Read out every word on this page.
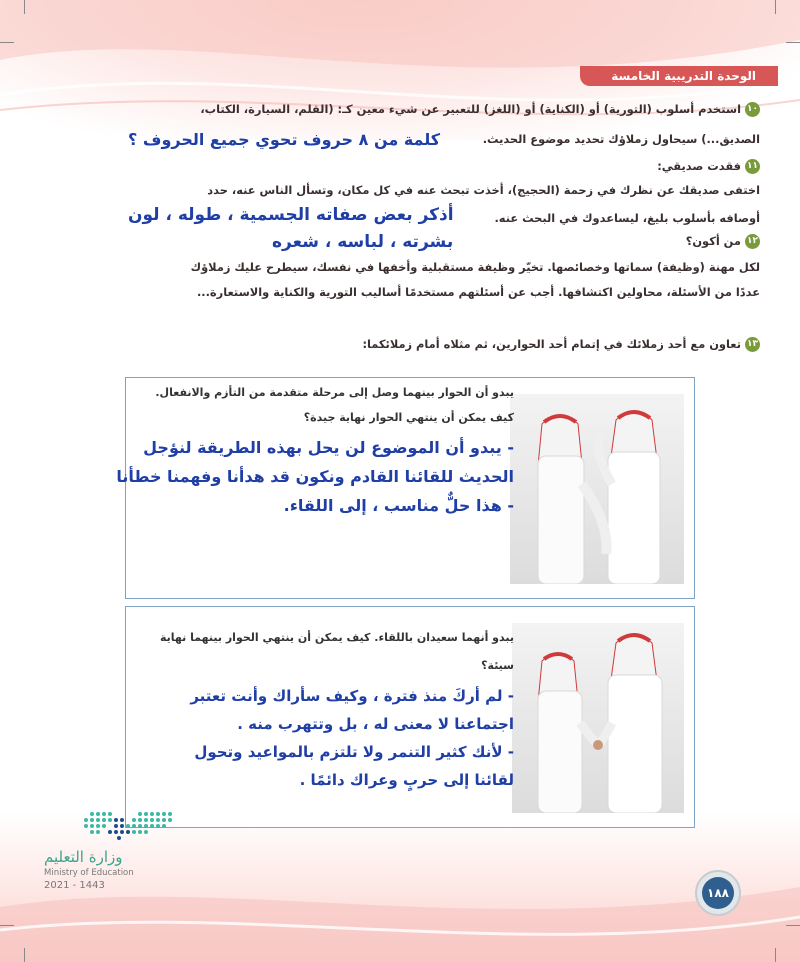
الوحدة التدريبية الخامسة
١٠استخدم أسلوب (التورية) أو (الكناية) أو (اللغز) للتعبير عن شيء معين كـ: (القلم، السيارة، الكتاب،
الصديق...) سيحاول زملاؤك تحديد موضوع الحديث.
كلمة من ٨ حروف تحوي جميع الحروف ؟
١١فقدت صديقي:
اختفى صديقك عن نظرك في زحمة (الحجيج)، أخذت تبحث عنه في كل مكان، وتسأل الناس عنه، حدد
أوصافه بأسلوب بليغ، ليساعدوك في البحث عنه.
أذكر بعض صفاته الجسمية ، طوله ، لون
بشرته ، لباسه ، شعره	١٢من أكون؟
لكل مهنة (وظيفة) سماتها وخصائصها. تخيّر وظيفة مستقبلية وأخفها في نفسك، سيطرح عليك زملاؤك
عددًا من الأسئلة، محاولين اكتشافها. أجب عن أسئلتهم مستخدمًا أساليب التورية والكناية والاستعارة...
١٣تعاون مع أحد زملائك في إتمام أحد الحوارين، ثم مثلاه أمام زملائكما:
يبدو أن الحوار بينهما وصل إلى مرحلة متقدمة من التأزم والانفعال.
كيف يمكن أن ينتهي الحوار نهاية جيدة؟
- يبدو أن الموضوع لن يحل بهذه الطريقة لنؤجل
الحديث للقائنا القادم ونكون قد هدأنا وفهمنا خطأنا
- هذا حلٌّ مناسب ، إلى اللقاء.
يبدو أنهما سعيدان باللقاء. كيف يمكن أن ينتهي الحوار بينهما نهاية
سيئة؟
- لم أركَ منذ فترة ، وكيف سأراك وأنت تعتبر
اجتماعنا لا معنى له ، بل وتتهرب منه .
- لأنك كثير التنمر ولا تلتزم بالمواعيد وتحول
لقائنا إلى حربٍ وعراك دائمًا .
وزارة التعليم
Ministry of Education
2021 - 1443
١٨٨
